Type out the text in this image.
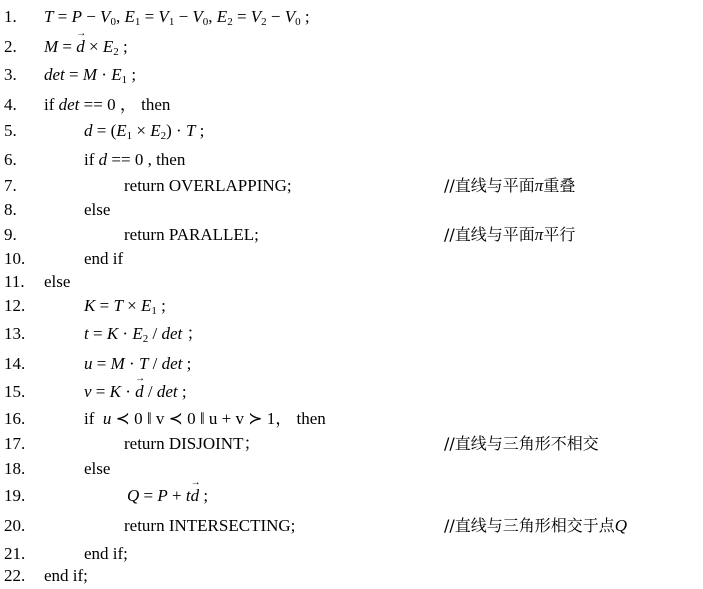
1. $T = P - V_0$, $E_1 = V_1 - V_0$, $E_2 = V_2 - V_0$ ;
2. M = → $d \times E_2$ ;
3. $\det = M \cdot E_1$ ;
4. if det == 0 ， then
5.	$d = (E_1 \times E_2) \cdot T$ ;
6.	if d == 0 , then
7.	return OVERLAPPING;	//直线与平面π重叠
8.	else
9.	return PARALLEL;	//直线与平面π平行
10.	end if
11. else
12.	$K = T \times E_1$ ;
13.	$t = K \cdot E_2 / \det$ ；
14.	u = M · T / det ;
15.	v = K · → d / det ;
16.	if  u ≺ 0 ‖ v ≺ 0 ‖ u + v ≻ 1， then
17.	return DISJOINT；	//直线与三角形不相交
18.	else
19.	Q = P + t→ d ;
20.	return INTERSECTING;	//直线与三角形相交于点Q
21.	end if;
22. end if;
